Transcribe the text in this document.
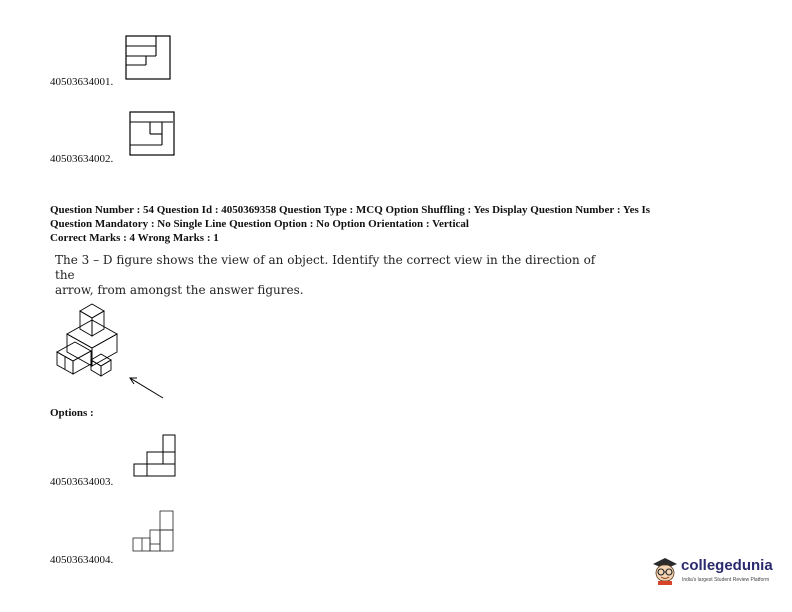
40503634001.
40503634002.
Question Number : 54 Question Id : 4050369358 Question Type : MCQ Option Shuffling : Yes Display Question Number : Yes Is
Question Mandatory : No Single Line Question Option : No Option Orientation : Vertical
Correct Marks : 4 Wrong Marks : 1
The 3 – D figure shows the view of an object. Identify the correct view in the direction of the
arrow, from amongst the answer figures.
Options :
40503634003.
40503634004.	collegedunia
India's largest Student Review Platform
